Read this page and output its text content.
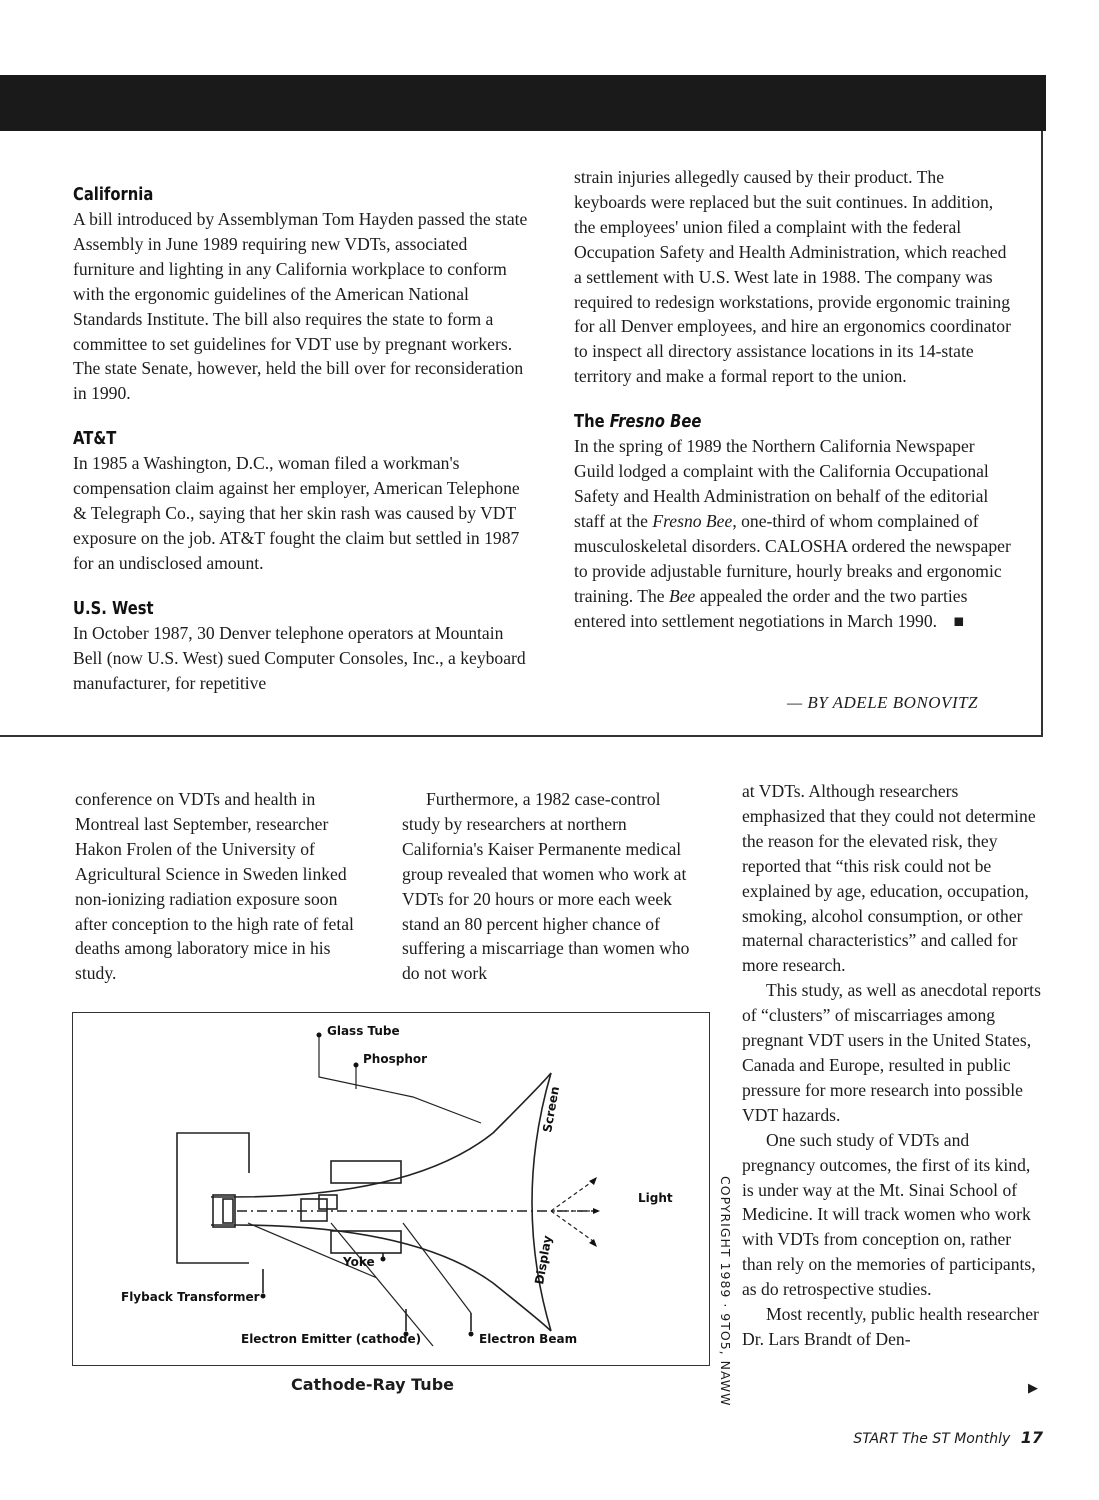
California

A bill introduced by Assemblyman Tom Hayden passed the state Assembly in June 1989 requiring new VDTs, associated furniture and lighting in any California workplace to conform with the ergonomic guidelines of the American National Standards Institute. The bill also requires the state to form a committee to set guidelines for VDT use by pregnant workers. The state Senate, however, held the bill over for reconsideration in 1990.

AT&T

In 1985 a Washington, D.C., woman filed a workman's compensation claim against her employer, American Telephone & Telegraph Co., saying that her skin rash was caused by VDT exposure on the job. AT&T fought the claim but settled in 1987 for an undisclosed amount.

U.S. West

In October 1987, 30 Denver telephone operators at Mountain Bell (now U.S. West) sued Computer Consoles, Inc., a keyboard manufacturer, for repetitive

strain injuries allegedly caused by their product. The keyboards were replaced but the suit continues. In addition, the employees' union filed a complaint with the federal Occupation Safety and Health Administration, which reached a settlement with U.S. West late in 1988. The company was required to redesign workstations, provide ergonomic training for all Denver employees, and hire an ergonomics coordinator to inspect all directory assistance locations in its 14-state territory and make a formal report to the union.

The Fresno Bee

In the spring of 1989 the Northern California Newspaper Guild lodged a complaint with the California Occupational Safety and Health Administration on behalf of the editorial staff at the Fresno Bee, one-third of whom complained of musculoskeletal disorders. CALOSHA ordered the newspaper to provide adjustable furniture, hourly breaks and ergonomic training. The Bee appealed the order and the two parties entered into settlement negotiations in March 1990. ■

— BY ADELE BONOVITZ

conference on VDTs and health in Montreal last September, researcher Hakon Frolen of the University of Agricultural Science in Sweden linked non-ionizing radiation exposure soon after conception to the high rate of fetal deaths among laboratory mice in his study.

Furthermore, a 1982 case-control study by researchers at northern California's Kaiser Permanente medical group revealed that women who work at VDTs for 20 hours or more each week stand an 80 percent higher chance of suffering a miscarriage than women who do not work

at VDTs. Although researchers emphasized that they could not determine the reason for the elevated risk, they reported that “this risk could not be explained by age, education, occupation, smoking, alcohol consumption, or other maternal characteristics” and called for more research.
This study, as well as anecdotal reports of “clusters” of miscarriages among pregnant VDT users in the United States, Canada and Europe, resulted in public pressure for more research into possible VDT hazards.
One such study of VDTs and pregnancy outcomes, the first of its kind, is under way at the Mt. Sinai School of Medicine. It will track women who work with VDTs from conception on, rather than rely on the memories of participants, as do retrospective studies.
Most recently, public health researcher Dr. Lars Brandt of Den-
▶
Glass Tube
Phosphor
Screen
Display
Light
Yoke
Flyback Transformer
Electron Emitter (cathode)	Electron Beam
Cathode-Ray Tube	COPYRIGHT 1989 · 9TO5, NAWW
START The ST Monthly 17
